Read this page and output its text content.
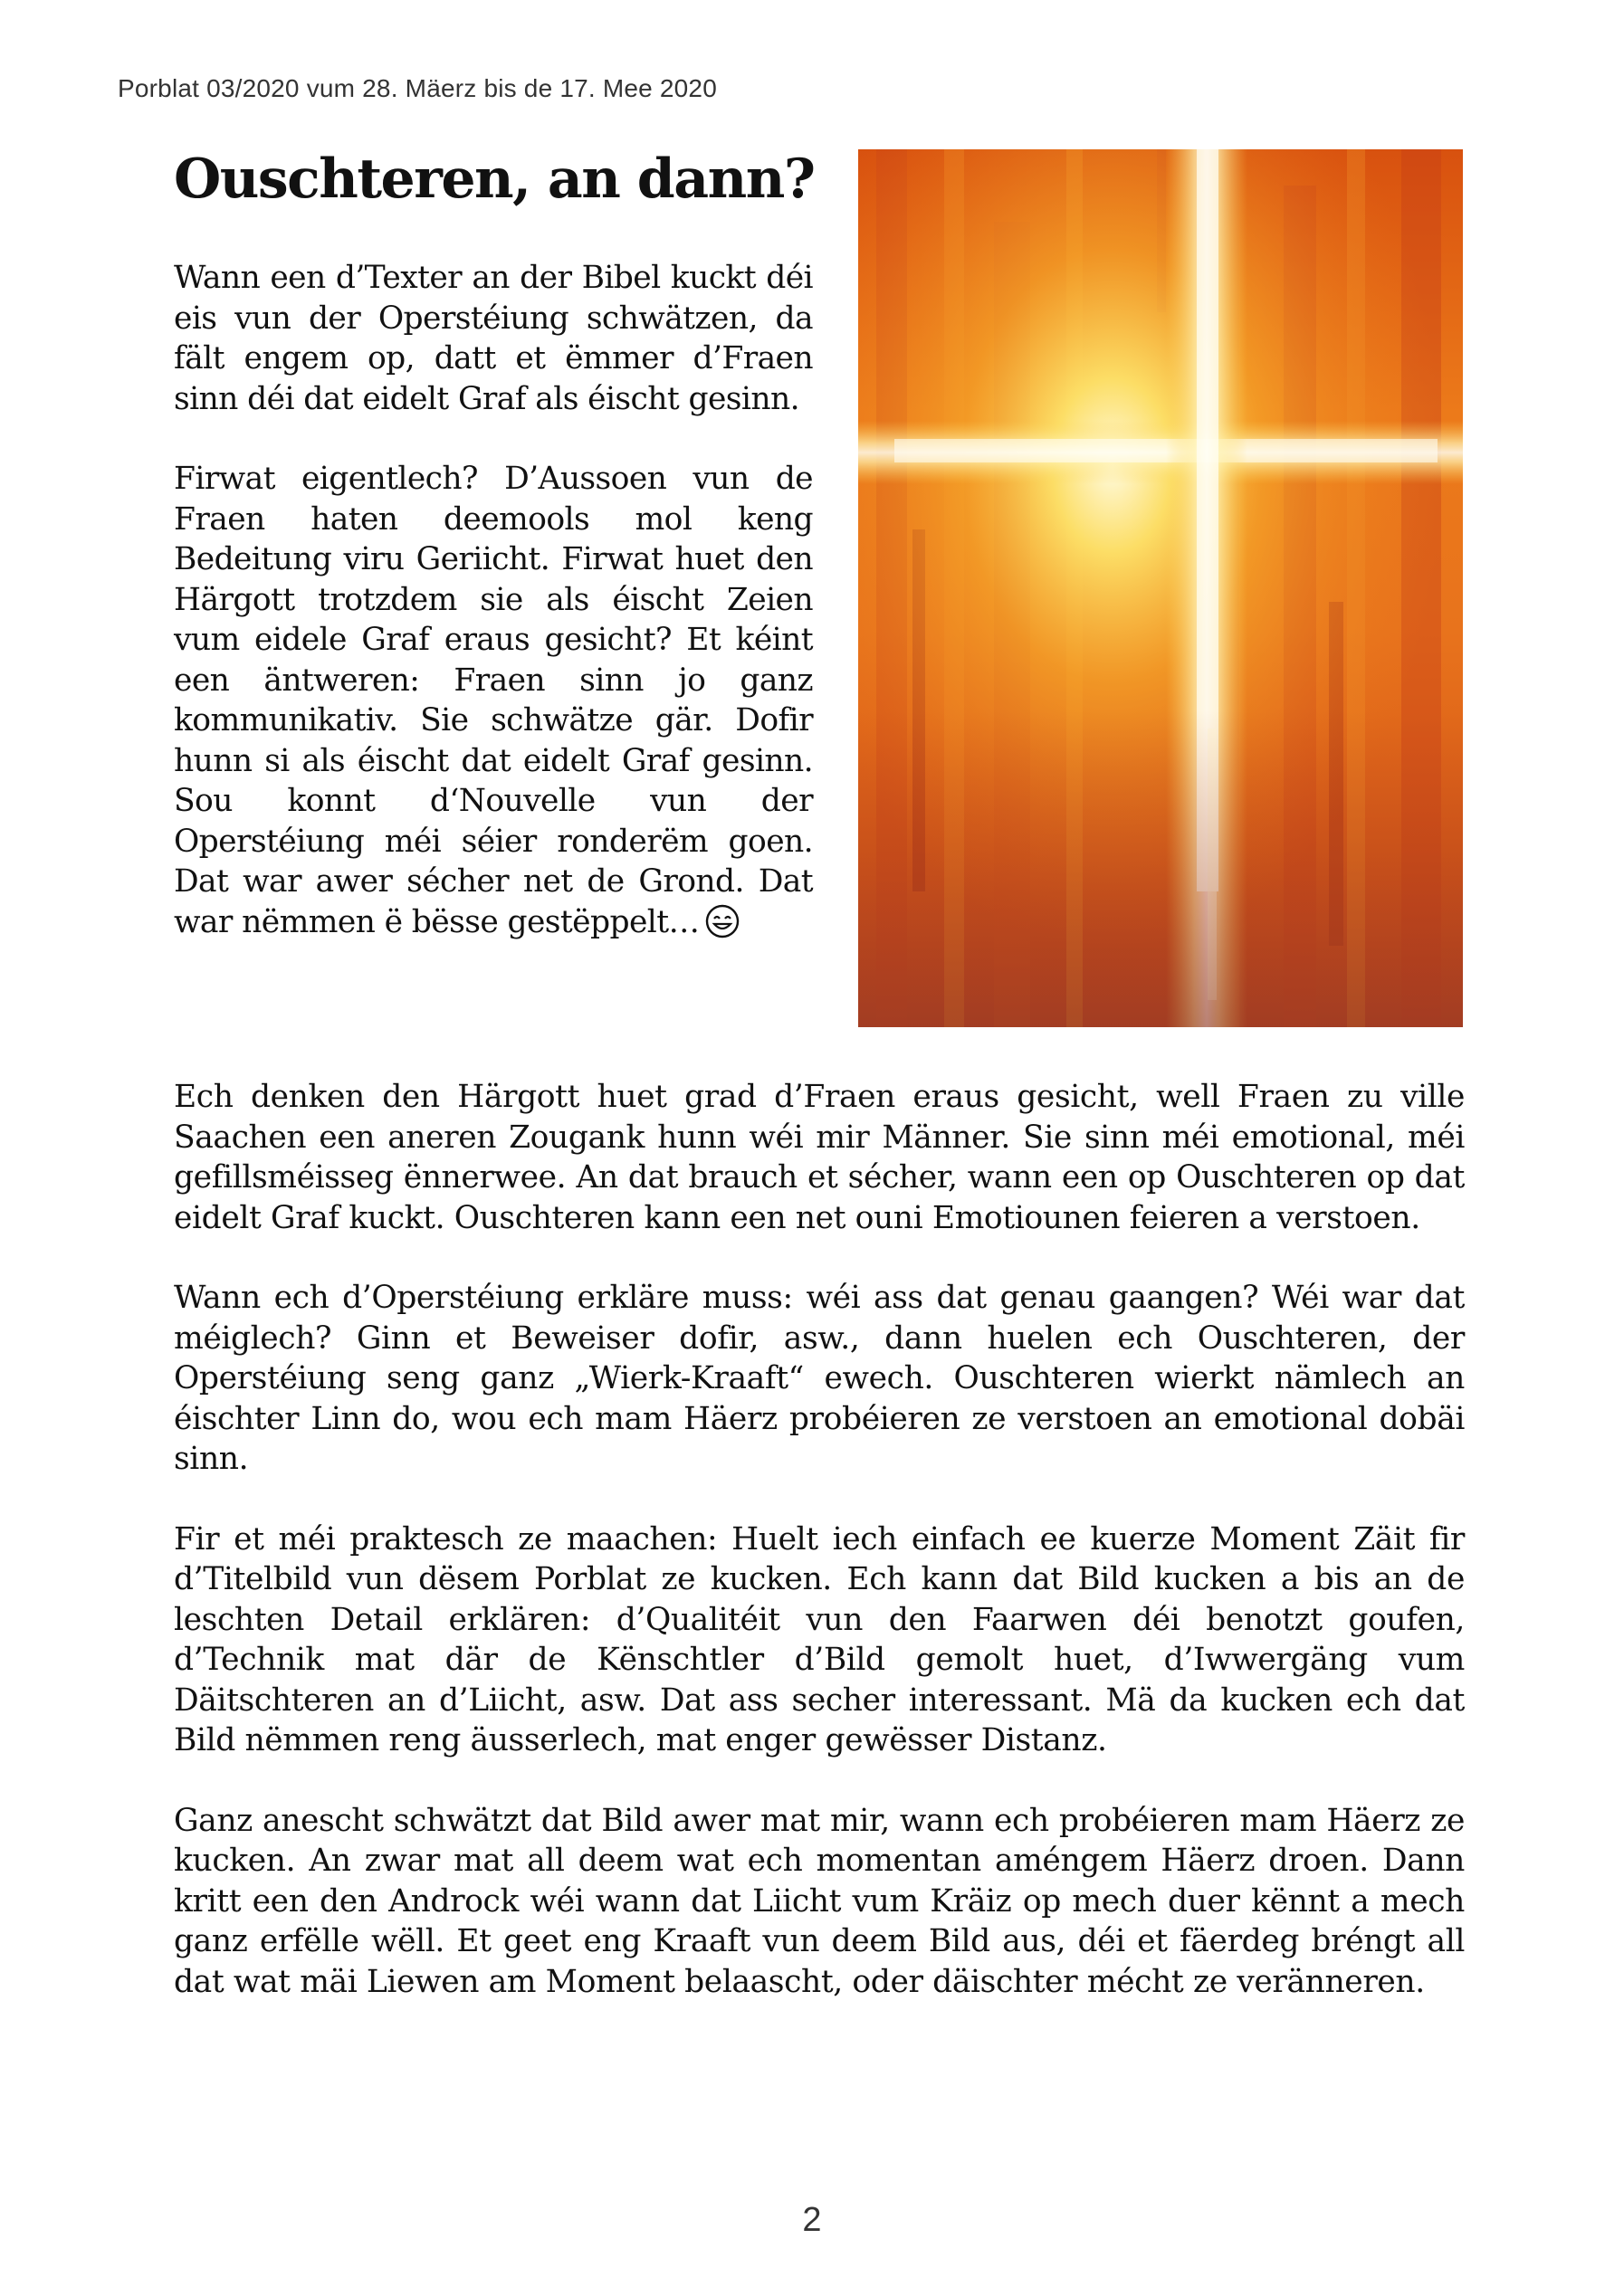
Porblat 03/2020 vum 28. Mäerz bis de 17. Mee 2020
Ouschteren, an dann?

Wann een d’Texter an der Bibel kuckt déi eis vun der Operstéiung schwätzen, da fält engem op, datt et ëmmer d’Fraen sinn déi dat eidelt Graf als éischt gesinn.

Firwat eigentlech? D’Aussoen vun de Fraen haten deemools mol keng Bedeitung viru Geriicht. Firwat huet den Härgott trotzdem sie als éischt Zeien vum eidele Graf eraus gesicht? Et kéint een äntweren: Fraen sinn jo ganz kommunikativ. Sie schwätze gär. Dofir hunn si als éischt dat eidelt Graf gesinn. Sou konnt d‘Nouvelle vun der Operstéiung méi séier ronderëm goen. Dat war awer sécher net de Grond. Dat war nëmmen ë bësse gestëppelt…

Ech denken den Härgott huet grad d’Fraen eraus gesicht, well Fraen zu ville Saachen een aneren Zougank hunn wéi mir Männer. Sie sinn méi emotional, méi gefillsméisseg ënnerwee. An dat brauch et sécher, wann een op Ouschteren op dat eidelt Graf kuckt. Ouschteren kann een net ouni Emotiounen feieren a verstoen.

Wann ech d’Operstéiung erkläre muss: wéi ass dat genau gaangen? Wéi war dat méiglech? Ginn et Beweiser dofir, asw., dann huelen ech Ouschteren, der Operstéiung seng ganz „Wierk-Kraaft“ ewech. Ouschteren wierkt nämlech an éischter Linn do, wou ech mam Häerz probéieren ze verstoen an emotional dobäi sinn.

Fir et méi praktesch ze maachen: Huelt iech einfach ee kuerze Moment Zäit fir d’Titelbild vun dësem Porblat ze kucken. Ech kann dat Bild kucken a bis an de leschten Detail erklären: d’Qualitéit vun den Faarwen déi benotzt goufen, d’Technik mat där de Kënschtler d’Bild gemolt huet, d’Iwwergäng vum Däitschteren an d’Liicht, asw. Dat ass secher interessant. Mä da kucken ech dat Bild nëmmen reng äusserlech, mat enger gewësser Distanz.

Ganz anescht schwätzt dat Bild awer mat mir, wann ech probéieren mam Häerz ze kucken. An zwar mat all deem wat ech momentan améngem Häerz droen. Dann kritt een den Androck wéi wann dat Liicht vum Kräiz op mech duer kënnt a mech ganz erfëlle wëll. Et geet eng Kraaft vun deem Bild aus, déi et fäerdeg bréngt all dat wat mäi Liewen am Moment belaascht, oder däischter mécht ze veränneren.

2
